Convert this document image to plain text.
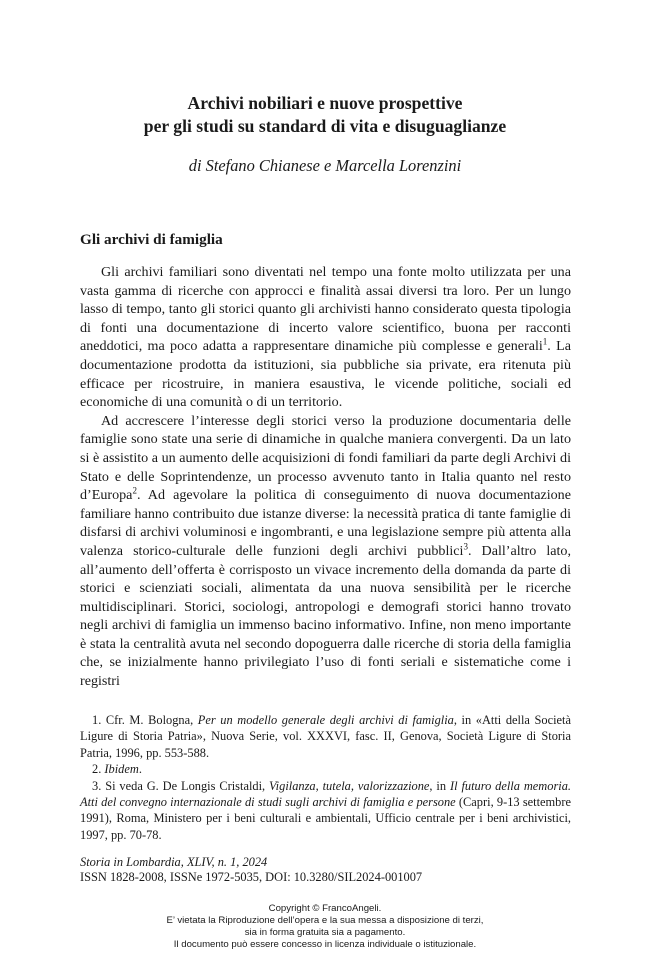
Archivi nobiliari e nuove prospettive
per gli studi su standard di vita e disuguaglianze

di Stefano Chianese e Marcella Lorenzini

Gli archivi di famiglia

Gli archivi familiari sono diventati nel tempo una fonte molto utilizzata per una vasta gamma di ricerche con approcci e finalità assai diversi tra loro. Per un lungo lasso di tempo, tanto gli storici quanto gli archivisti hanno considerato questa tipologia di fonti una documentazione di incerto valore scientifico, buona per racconti aneddotici, ma poco adatta a rappresentare dinamiche più complesse e generali$^1$. La documentazione prodotta da istituzioni, sia pubbliche sia private, era ritenuta più efficace per ricostruire, in maniera esaustiva, le vicende politiche, sociali ed economiche di una comunità o di un territorio.

Ad accrescere l’interesse degli storici verso la produzione documentaria delle famiglie sono state una serie di dinamiche in qualche maniera convergenti. Da un lato si è assistito a un aumento delle acquisizioni di fondi familiari da parte degli Archivi di Stato e delle Soprintendenze, un processo avvenuto tanto in Italia quanto nel resto d’Europa$^2$. Ad agevolare la politica di conseguimento di nuova documentazione familiare hanno contribuito due istanze diverse: la necessità pratica di tante famiglie di disfarsi di archivi voluminosi e ingombranti, e una legislazione sempre più attenta alla valenza storico-culturale delle funzioni degli archivi pubblici$^3$. Dall’altro lato, all’aumento dell’offerta è corrisposto un vivace incremento della domanda da parte di storici e scienziati sociali, alimentata da una nuova sensibilità per le ricerche multidisciplinari. Storici, sociologi, antropologi e demografi storici hanno trovato negli archivi di famiglia un immenso bacino informativo. Infine, non meno importante è stata la centralità avuta nel secondo dopoguerra dalle ricerche di storia della famiglia che, se inizialmente hanno privilegiato l’uso di fonti seriali e sistematiche come i registri

1. Cfr. M. Bologna, Per un modello generale degli archivi di famiglia, in «Atti della Società Ligure di Storia Patria», Nuova Serie, vol. XXXVI, fasc. II, Genova, Società Ligure di Storia Patria, 1996, pp. 553-588.

2. Ibidem.

3. Si veda G. De Longis Cristaldi, Vigilanza, tutela, valorizzazione, in Il futuro della memoria. Atti del convegno internazionale di studi sugli archivi di famiglia e persone (Capri, 9-13 settembre 1991), Roma, Ministero per i beni culturali e ambientali, Ufficio centrale per i beni archivistici, 1997, pp. 70-78.

Storia in Lombardia, XLIV, n. 1, 2024
ISSN 1828-2008, ISSNe 1972-5035, DOI: 10.3280/SIL2024-001007
Copyright © FrancoAngeli.
E’ vietata la Riproduzione dell’opera e la sua messa a disposizione di terzi,
sia in forma gratuita sia a pagamento.
Il documento può essere concesso in licenza individuale o istituzionale.
